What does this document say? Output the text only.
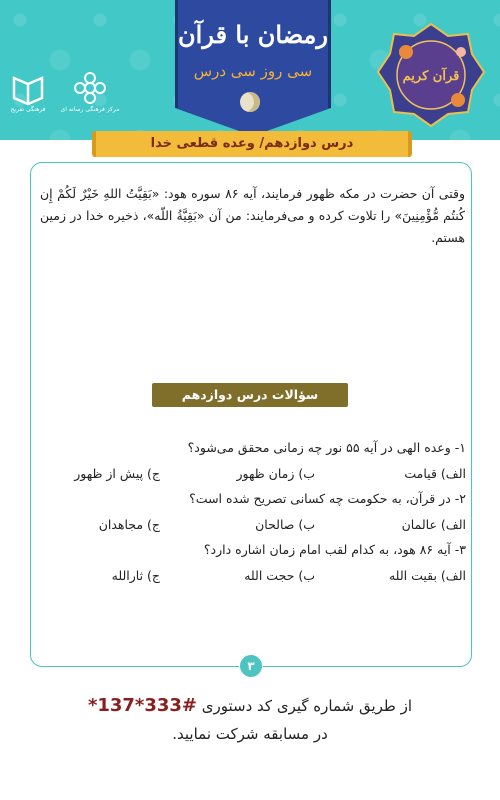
فرهنگی تفریح	مرکز فرهنگی رسانه ای
رمضان با قرآن
سی روز سی درس	قرآن کریم
درس دوازدهم/ وعده قطعی خدا
وقتی آن حضرت در مکه ظهور فرمایند، آیه ۸۶ سوره هود: «بَقِيَّتُ اللهِ خَيْرٌ لَكُمْ إِن كُنتُم مُّؤْمِنِينَ» را تلاوت کرده و می‌فرمایند: من آن «بَقِيَّةُ اللّه»، ذخیره خدا در زمین هستم.
سؤالات درس دوازدهم
۱- وعده الهی در آیه ۵۵ نور چه زمانی محقق می‌شود؟
الف) قیامت
ب) زمان ظهور
ج) پیش از ظهور
۲- در قرآن، به حکومت چه کسانی تصریح شده است؟
الف) عالمان
ب) صالحان
ج) مجاهدان
۳- آیه ۸۶ هود، به کدام لقب امام زمان اشاره دارد؟
الف) بقیت الله
ب) حجت الله
ج) ثارالله
۳
از طریق شماره گیری کد دستوری *137*333#
در مسابقه شرکت نمایید.
